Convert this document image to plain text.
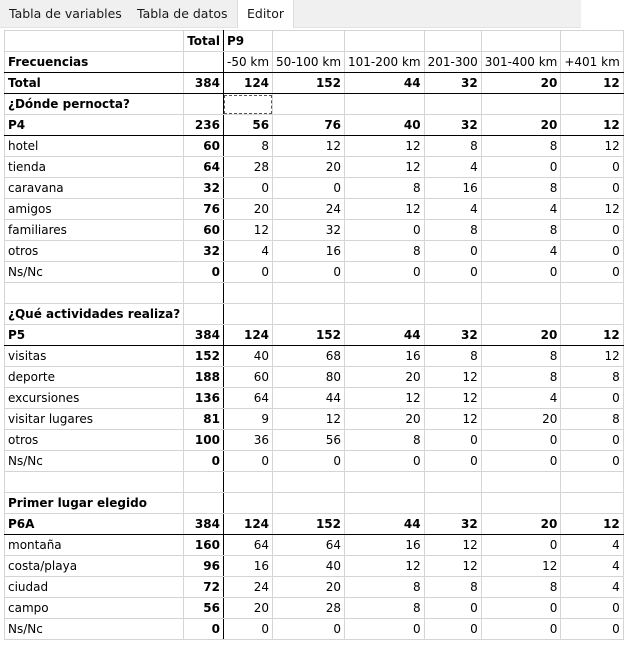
Tabla de variables	Tabla de datos	Editor
	Total	P9					
Frecuencias		-50 km	50-100 km	101-200 km	201-300	301-400 km	+401 km
Total	384	124	152	44	32	20	12
¿Dónde pernocta?							
P4	236	56	76	40	32	20	12
hotel	60	8	12	12	8	8	12
tienda	64	28	20	12	4	0	0
caravana	32	0	0	8	16	8	0
amigos	76	20	24	12	4	4	12
familiares	60	12	32	0	8	8	0
otros	32	4	16	8	0	4	0
Ns/Nc	0	0	0	0	0	0	0

¿Qué actividades realiza?							
P5	384	124	152	44	32	20	12
visitas	152	40	68	16	8	8	12
deporte	188	60	80	20	12	8	8
excursiones	136	64	44	12	12	4	0
visitar lugares	81	9	12	20	12	20	8
otros	100	36	56	8	0	0	0
Ns/Nc	0	0	0	0	0	0	0

Primer lugar elegido							
P6A	384	124	152	44	32	20	12
montaña	160	64	64	16	12	0	4
costa/playa	96	16	40	12	12	12	4
ciudad	72	24	20	8	8	8	4
campo	56	20	28	8	0	0	0
Ns/Nc	0	0	0	0	0	0	0
